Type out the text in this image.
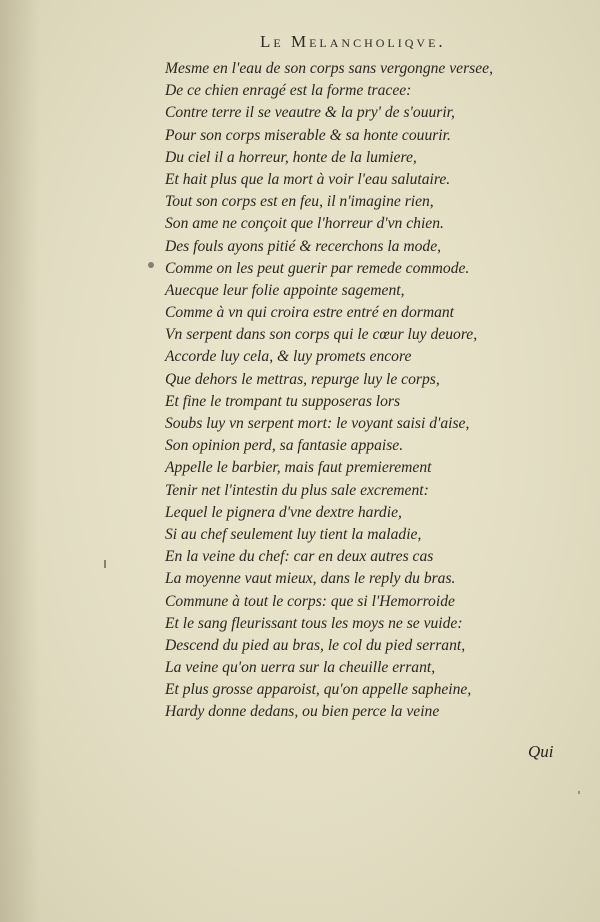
Le Melancholiqve.
Mesme en l'eau de son corps sans vergongne versee,
De ce chien enragé est la forme tracee:
Contre terre il se veautre & la pry' de s'ouurir,
Pour son corps miserable & sa honte couurir.
Du ciel il a horreur, honte de la lumiere,
Et hait plus que la mort à voir l'eau salutaire.
Tout son corps est en feu, il n'imagine rien,
Son ame ne conçoit que l'horreur d'vn chien.
Des fouls ayons pitié & recerchons la mode,
Comme on les peut guerir par remede commode.
Auecque leur folie appointe sagement,
Comme à vn qui croira estre entré en dormant
Vn serpent dans son corps qui le cœur luy deuore,
Accorde luy cela, & luy promets encore
Que dehors le mettras, repurge luy le corps,
Et fine le trompant tu supposeras lors
Soubs luy vn serpent mort: le voyant saisi d'aise,
Son opinion perd, sa fantasie appaise.
Appelle le barbier, mais faut premierement
Tenir net l'intestin du plus sale excrement:
Lequel le pignera d'vne dextre hardie,
Si au chef seulement luy tient la maladie,
En la veine du chef: car en deux autres cas
La moyenne vaut mieux, dans le reply du bras.
Commune à tout le corps: que si l'Hemorroide
Et le sang fleurissant tous les moys ne se vuide:
Descend du pied au bras, le col du pied serrant,
La veine qu'on uerra sur la cheuille errant,
Et plus grosse apparoist, qu'on appelle sapheine,
Hardy donne dedans, ou bien perce la veine
Qui
